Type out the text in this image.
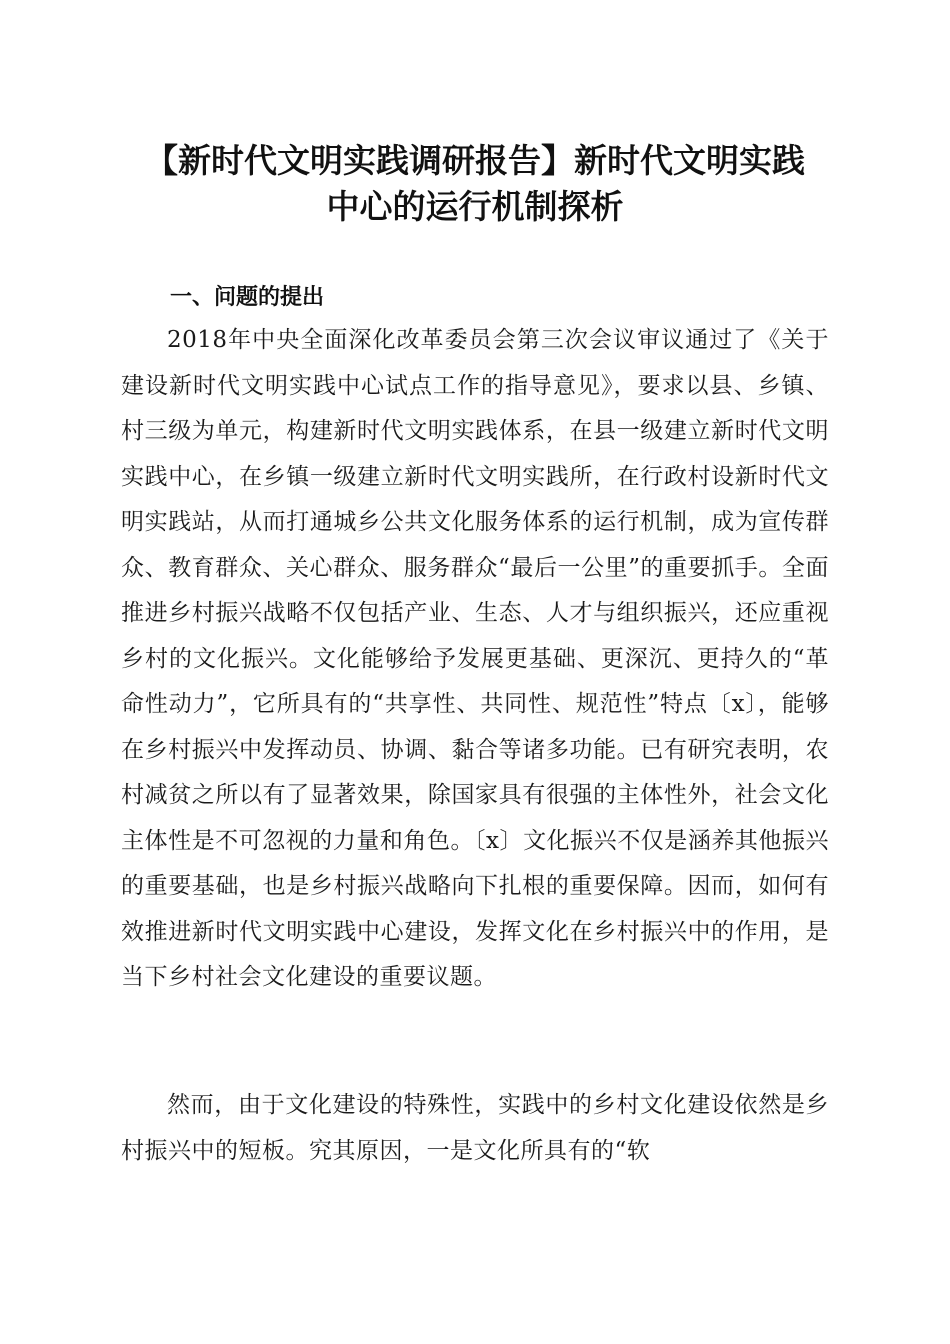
【新时代文明实践调研报告】新时代文明实践
中心的运行机制探析
一、问题的提出

2018年中央全面深化改革委员会第三次会议审议通过了《关于建设新时代文明实践中心试点工作的指导意见》，要求以县、乡镇、村三级为单元，构建新时代文明实践体系，在县一级建立新时代文明实践中心，在乡镇一级建立新时代文明实践所，在行政村设新时代文明实践站，从而打通城乡公共文化服务体系的运行机制，成为宣传群众、教育群众、关心群众、服务群众“最后一公里”的重要抓手。全面推进乡村振兴战略不仅包括产业、生态、人才与组织振兴，还应重视乡村的文化振兴。文化能够给予发展更基础、更深沉、更持久的“革命性动力”，它所具有的“共享性、共同性、规范性”特点〔x〕，能够在乡村振兴中发挥动员、协调、黏合等诸多功能。已有研究表明，农村减贫之所以有了显著效果，除国家具有很强的主体性外，社会文化主体性是不可忽视的力量和角色。〔x〕文化振兴不仅是涵养其他振兴的重要基础，也是乡村振兴战略向下扎根的重要保障。因而，如何有效推进新时代文明实践中心建设，发挥文化在乡村振兴中的作用，是当下乡村社会文化建设的重要议题。

然而，由于文化建设的特殊性，实践中的乡村文化建设依然是乡村振兴中的短板。究其原因，一是文化所具有的“软
